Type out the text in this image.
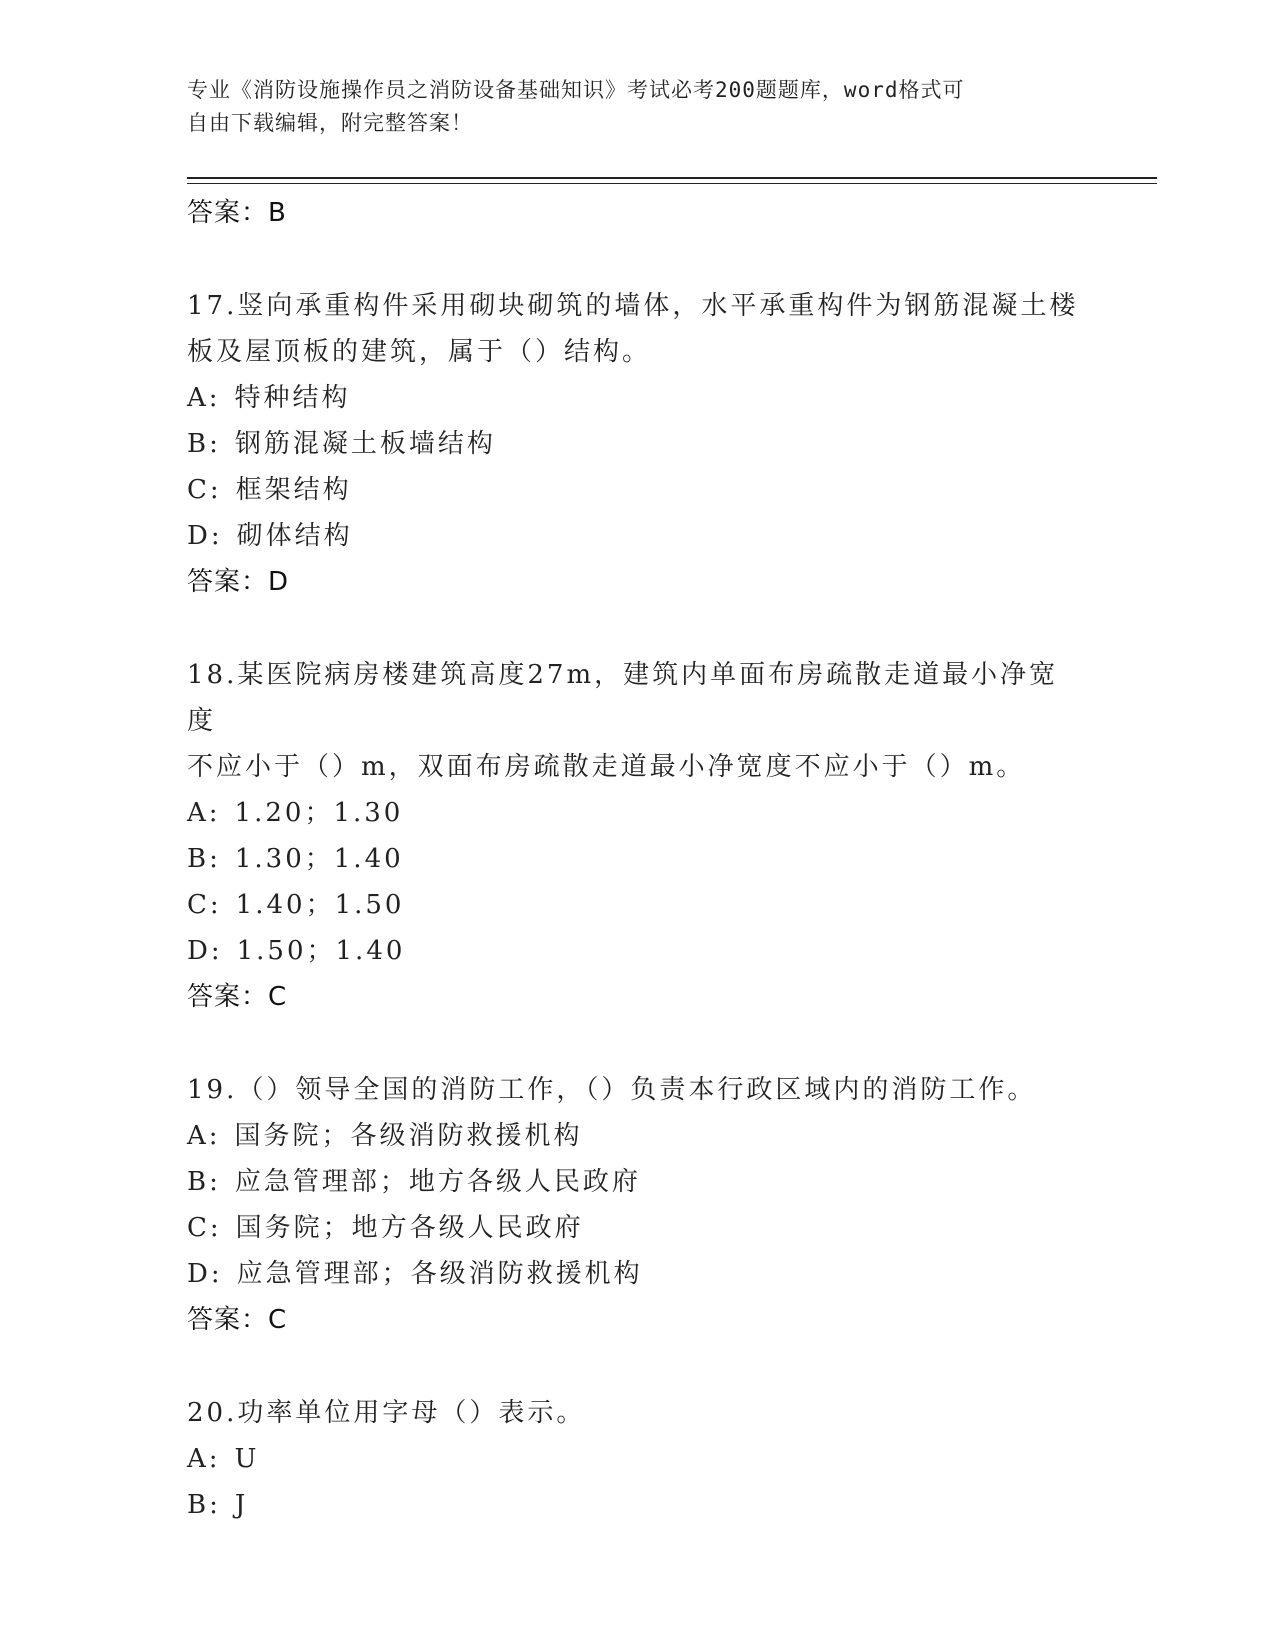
专业《消防设施操作员之消防设备基础知识》考试必考200题题库，word格式可
自由下载编辑，附完整答案！

答案：B

17.竖向承重构件采用砌块砌筑的墙体，水平承重构件为钢筋混凝土楼

板及屋顶板的建筑，属于（）结构。

A: 特种结构

B: 钢筋混凝土板墙结构

C: 框架结构

D: 砌体结构

答案：D

18.某医院病房楼建筑高度27m，建筑内单面布房疏散走道最小净宽度

不应小于（）m，双面布房疏散走道最小净宽度不应小于（）m。

A: 1.20；1.30

B: 1.30；1.40

C: 1.40；1.50

D: 1.50；1.40

答案：C

19.（）领导全国的消防工作，（）负责本行政区域内的消防工作。

A: 国务院；各级消防救援机构

B: 应急管理部；地方各级人民政府

C: 国务院；地方各级人民政府

D: 应急管理部；各级消防救援机构

答案：C

20.功率单位用字母（）表示。

A: U

B: J
